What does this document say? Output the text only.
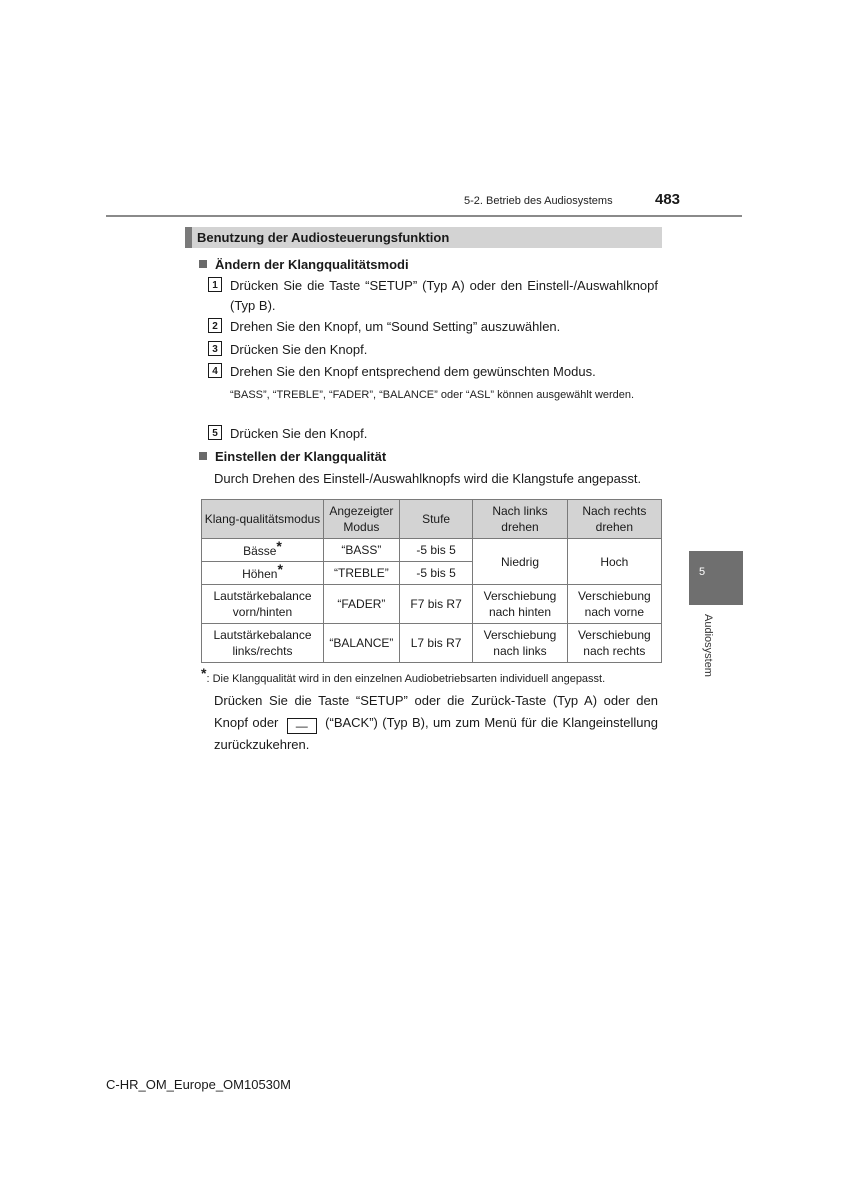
5-2. Betrieb des Audiosystems	483
Benutzung der Audiosteuerungsfunktion
Ändern der Klangqualitätsmodi
1 Drücken Sie die Taste “SETUP” (Typ A) oder den Einstell-/Auswahlknopf (Typ B).
2 Drehen Sie den Knopf, um “Sound Setting” auszuwählen.
3 Drücken Sie den Knopf.
4 Drehen Sie den Knopf entsprechend dem gewünschten Modus.
“BASS”, “TREBLE”, “FADER”, “BALANCE” oder “ASL” können ausgewählt werden.
5 Drücken Sie den Knopf.
Einstellen der Klangqualität
Durch Drehen des Einstell-/Auswahlknopfs wird die Klangstufe angepasst.
Klang-qualitätsmodus	Angezeigter Modus	Stufe	Nach links drehen	Nach rechts drehen
Bässe*	“BASS”	-5 bis 5	Niedrig	Hoch
Höhen*	“TREBLE”	-5 bis 5		
Lautstärkebalance vorn/hinten	“FADER”	F7 bis R7	Verschiebung nach hinten	Verschiebung nach vorne
Lautstärkebalance links/rechts	“BALANCE”	L7 bis R7	Verschiebung nach links	Verschiebung nach rechts
*: Die Klangqualität wird in den einzelnen Audiobetriebsarten individuell angepasst.
Drücken Sie die Taste “SETUP” oder die Zurück-Taste (Typ A) oder den Knopf oder — (“BACK”) (Typ B), um zum Menü für die Klangeinstellung zurückzukehren.
5
Audiosystem
C-HR_OM_Europe_OM10530M
